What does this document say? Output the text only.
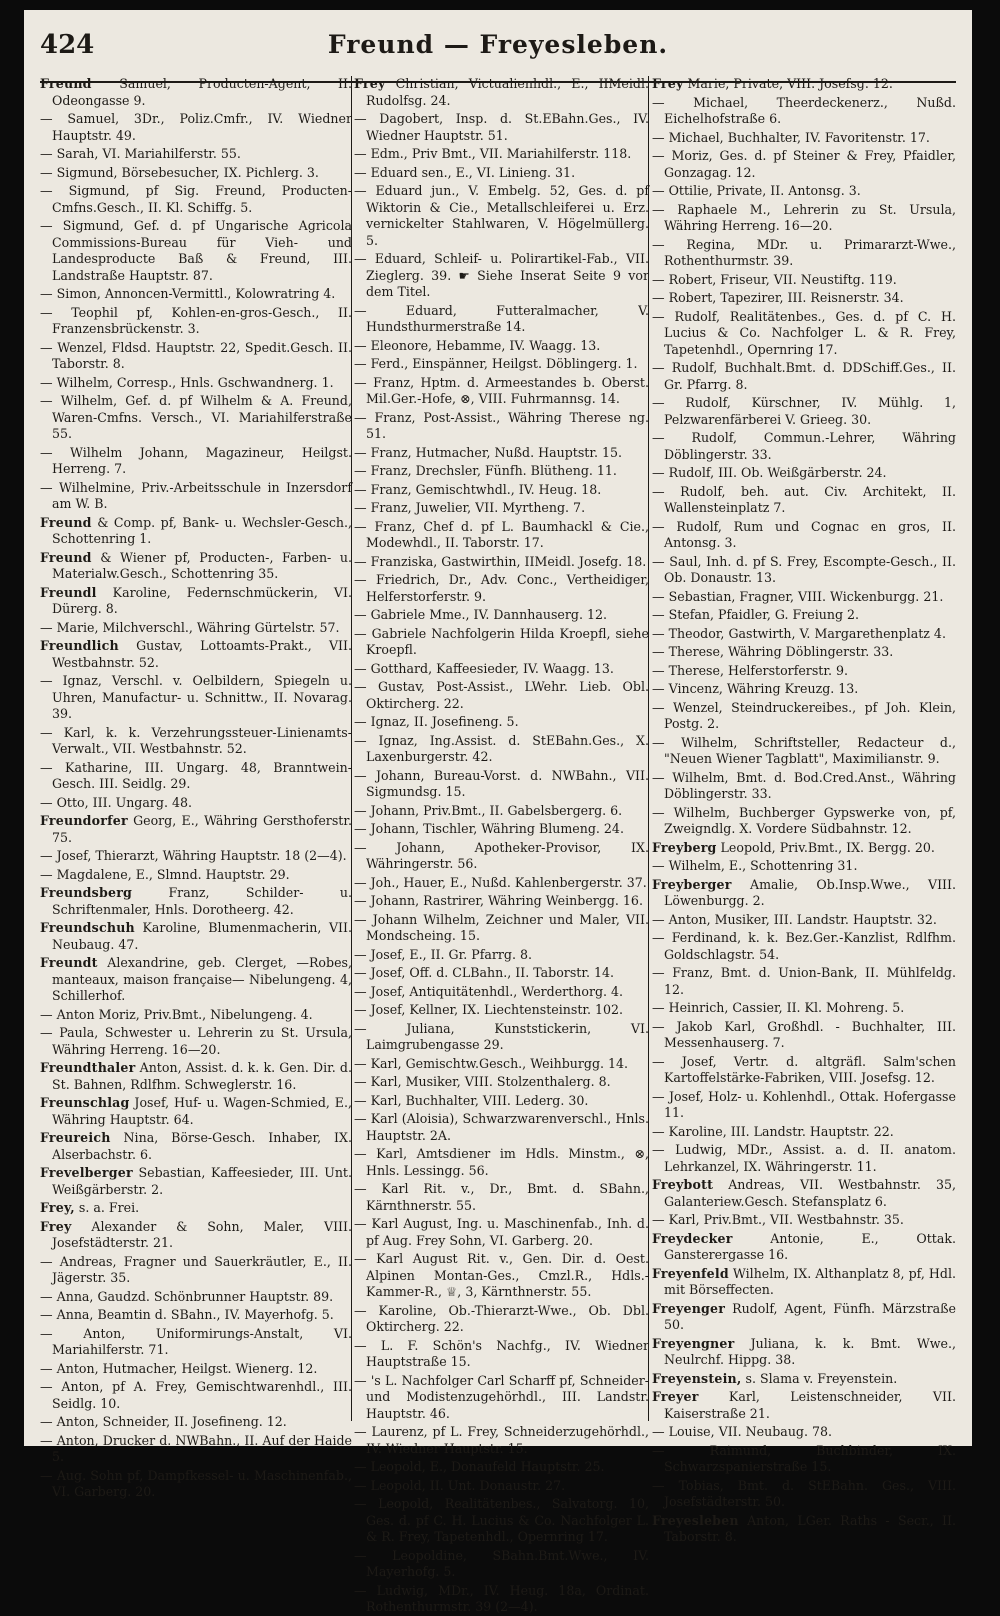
424	Freund — Freyesleben.

Freund Samuel, Producten-Agent, II. Odeongasse 9.

— Samuel, 3Dr., Poliz.Cmfr., IV. Wiedner Hauptstr. 49.

— Sarah, VI. Mariahilferstr. 55.

— Sigmund, Börsebesucher, IX. Pichlerg. 3.

— Sigmund, pf Sig. Freund, Producten-Cmfns.Gesch., II. Kl. Schiffg. 5.

— Sigmund, Gef. d. pf Ungarische Agricola Commissions-Bureau für Vieh- und Landesproducte Baß & Freund, III. Landstraße Hauptstr. 87.

— Simon, Annoncen-Vermittl., Kolowratring 4.

— Teophil pf, Kohlen-en-gros-Gesch., II. Franzensbrückenstr. 3.

— Wenzel, Fldsd. Hauptstr. 22, Spedit.Gesch. II. Taborstr. 8.

— Wilhelm, Corresp., Hnls. Gschwandnerg. 1.

— Wilhelm, Gef. d. pf Wilhelm & A. Freund, Waren-Cmfns. Versch., VI. Mariahilferstraße 55.

— Wilhelm Johann, Magazineur, Heilgst. Herreng. 7.

— Wilhelmine, Priv.-Arbeitsschule in Inzersdorf am W. B.

Freund & Comp. pf, Bank- u. Wechsler-Gesch., Schottenring 1.

Freund & Wiener pf, Producten-, Farben- u. Materialw.Gesch., Schottenring 35.

Freundl Karoline, Federnschmückerin, VI. Dürerg. 8.

— Marie, Milchverschl., Währing Gürtelstr. 57.

Freundlich Gustav, Lottoamts-Prakt., VII. Westbahnstr. 52.

— Ignaz, Verschl. v. Oelbildern, Spiegeln u. Uhren, Manufactur- u. Schnittw., II. Novarag. 39.

— Karl, k. k. Verzehrungssteuer-Linienamts-Verwalt., VII. Westbahnstr. 52.

— Katharine, III. Ungarg. 48, Branntwein-Gesch. III. Seidlg. 29.

— Otto, III. Ungarg. 48.

Freundorfer Georg, E., Währing Gersthoferstr. 75.

— Josef, Thierarzt, Währing Hauptstr. 18 (2—4).

— Magdalene, E., Slmnd. Hauptstr. 29.

Freundsberg Franz, Schilder- u. Schriftenmaler, Hnls. Dorotheerg. 42.

Freundschuh Karoline, Blumenmacherin, VII. Neubaug. 47.

Freundt Alexandrine, geb. Clerget, —Robes, manteaux, maison française— Nibelungeng. 4, Schillerhof.

— Anton Moriz, Priv.Bmt., Nibelungeng. 4.

— Paula, Schwester u. Lehrerin zu St. Ursula, Währing Herreng. 16—20.

Freundthaler Anton, Assist. d. k. k. Gen. Dir. d. St. Bahnen, Rdlfhm. Schweglerstr. 16.

Freunschlag Josef, Huf- u. Wagen-Schmied, E., Währing Hauptstr. 64.

Freureich Nina, Börse-Gesch. Inhaber, IX. Alserbachstr. 6.

Frevelberger Sebastian, Kaffeesieder, III. Unt. Weißgärberstr. 2.

Frey, s. a. Frei.

Frey Alexander & Sohn, Maler, VIII. Josefstädterstr. 21.

— Andreas, Fragner und Sauerkräutler, E., II. Jägerstr. 35.

— Anna, Gaudzd. Schönbrunner Hauptstr. 89.

— Anna, Beamtin d. SBahn., IV. Mayerhofg. 5.

— Anton, Uniformirungs-Anstalt, VI. Mariahilferstr. 71.

— Anton, Hutmacher, Heilgst. Wienerg. 12.

— Anton, pf A. Frey, Gemischtwarenhdl., III. Seidlg. 10.

— Anton, Schneider, II. Josefineng. 12.

— Anton, Drucker d. NWBahn., II. Auf der Haide 5.

— Aug. Sohn pf, Dampfkessel- u. Maschinenfab., VI. Garberg. 20.

Frey Christian, Victualienhdl., E., IIMeidl. Rudolfsg. 24.

— Dagobert, Insp. d. St.EBahn.Ges., IV. Wiedner Hauptstr. 51.

— Edm., Priv Bmt., VII. Mariahilferstr. 118.

— Eduard sen., E., VI. Linieng. 31.

— Eduard jun., V. Embelg. 52, Ges. d. pf Wiktorin & Cie., Metallschleiferei u. Erz. vernickelter Stahlwaren, V. Högelmüllerg. 5.

— Eduard, Schleif- u. Polirartikel-Fab., VII. Zieglerg. 39. ☛ Siehe Inserat Seite 9 vor dem Titel.

— Eduard, Futteralmacher, V. Hundsthurmerstraße 14.

— Eleonore, Hebamme, IV. Waagg. 13.

— Ferd., Einspänner, Heilgst. Döblingerg. 1.

— Franz, Hptm. d. Armeestandes b. Oberst. Mil.Ger.-Hofe, ⊗, VIII. Fuhrmannsg. 14.

— Franz, Post-Assist., Währing Therese ng. 51.

— Franz, Hutmacher, Nußd. Hauptstr. 15.

— Franz, Drechsler, Fünfh. Blütheng. 11.

— Franz, Gemischtwhdl., IV. Heug. 18.

— Franz, Juwelier, VII. Myrtheng. 7.

— Franz, Chef d. pf L. Baumhackl & Cie., Modewhdl., II. Taborstr. 17.

— Franziska, Gastwirthin, IIMeidl. Josefg. 18.

— Friedrich, Dr., Adv. Conc., Vertheidiger, Helferstorferstr. 9.

— Gabriele Mme., IV. Dannhauserg. 12.

— Gabriele Nachfolgerin Hilda Kroepfl, siehe Kroepfl.

— Gotthard, Kaffeesieder, IV. Waagg. 13.

— Gustav, Post-Assist., LWehr. Lieb. Obl. Oktircherg. 22.

— Ignaz, II. Josefineng. 5.

— Ignaz, Ing.Assist. d. StEBahn.Ges., X. Laxenburgerstr. 42.

— Johann, Bureau-Vorst. d. NWBahn., VII. Sigmundsg. 15.

— Johann, Priv.Bmt., II. Gabelsbergerg. 6.

— Johann, Tischler, Währing Blumeng. 24.

— Johann, Apotheker-Provisor, IX. Währingerstr. 56.

— Joh., Hauer, E., Nußd. Kahlenbergerstr. 37.

— Johann, Rastrirer, Währing Weinbergg. 16.

— Johann Wilhelm, Zeichner und Maler, VII. Mondscheing. 15.

— Josef, E., II. Gr. Pfarrg. 8.

— Josef, Off. d. CLBahn., II. Taborstr. 14.

— Josef, Antiquitätenhdl., Werderthorg. 4.

— Josef, Kellner, IX. Liechtensteinstr. 102.

— Juliana, Kunststickerin, VI. Laimgrubengasse 29.

— Karl, Gemischtw.Gesch., Weihburgg. 14.

— Karl, Musiker, VIII. Stolzenthalerg. 8.

— Karl, Buchhalter, VIII. Lederg. 30.

— Karl (Aloisia), Schwarzwarenverschl., Hnls. Hauptstr. 2A.

— Karl, Amtsdiener im Hdls. Minstm., ⊗, Hnls. Lessingg. 56.

— Karl Rit. v., Dr., Bmt. d. SBahn., Kärnthnerstr. 55.

— Karl August, Ing. u. Maschinenfab., Inh. d. pf Aug. Frey Sohn, VI. Garberg. 20.

— Karl August Rit. v., Gen. Dir. d. Oest. Alpinen Montan-Ges., Cmzl.R., Hdls.-Kammer-R., ♕, 3, Kärnthnerstr. 55.

— Karoline, Ob.-Thierarzt-Wwe., Ob. Dbl. Oktircherg. 22.

— L. F. Schön's Nachfg., IV. Wiedner Hauptstraße 15.

— 's L. Nachfolger Carl Scharff pf, Schneider- und Modistenzugehörhdl., III. Landstr. Hauptstr. 46.

— Laurenz, pf L. Frey, Schneiderzugehörhdl., IV. Wiedner Hauptstr. 15.

— Leopold, E., Donaufeld Hauptstr. 25.

— Leopold, II. Unt. Donaustr. 27.

— Leopold, Realitätenbes., Salvatorg. 10, Ges. d. pf C. H. Lucius & Co. Nachfolger L. & R. Frey, Tapetenhdl., Opernring 17.

— Leopoldine, SBahn.Bmt.Wwe., IV. Mayerhofg. 5.

— Ludwig, MDr., IV. Heug. 18a, Ordinat. Rothenthurmstr. 39 (2—4).

Frey Marie, Private, VIII. Josefsg. 12.

— Michael, Theerdeckenerz., Nußd. Eichelhofstraße 6.

— Michael, Buchhalter, IV. Favoritenstr. 17.

— Moriz, Ges. d. pf Steiner & Frey, Pfaidler, Gonzagag. 12.

— Ottilie, Private, II. Antonsg. 3.

— Raphaele M., Lehrerin zu St. Ursula, Währing Herreng. 16—20.

— Regina, MDr. u. Primararzt-Wwe., Rothenthurmstr. 39.

— Robert, Friseur, VII. Neustiftg. 119.

— Robert, Tapezirer, III. Reisnerstr. 34.

— Rudolf, Realitätenbes., Ges. d. pf C. H. Lucius & Co. Nachfolger L. & R. Frey, Tapetenhdl., Opernring 17.

— Rudolf, Buchhalt.Bmt. d. DDSchiff.Ges., II. Gr. Pfarrg. 8.

— Rudolf, Kürschner, IV. Mühlg. 1, Pelzwarenfärberei V. Grieeg. 30.

— Rudolf, Commun.-Lehrer, Währing Döblingerstr. 33.

— Rudolf, III. Ob. Weißgärberstr. 24.

— Rudolf, beh. aut. Civ. Architekt, II. Wallensteinplatz 7.

— Rudolf, Rum und Cognac en gros, II. Antonsg. 3.

— Saul, Inh. d. pf S. Frey, Escompte-Gesch., II. Ob. Donaustr. 13.

— Sebastian, Fragner, VIII. Wickenburgg. 21.

— Stefan, Pfaidler, G. Freiung 2.

— Theodor, Gastwirth, V. Margarethenplatz 4.

— Therese, Währing Döblingerstr. 33.

— Therese, Helferstorferstr. 9.

— Vincenz, Währing Kreuzg. 13.

— Wenzel, Steindruckereibes., pf Joh. Klein, Postg. 2.

— Wilhelm, Schriftsteller, Redacteur d., "Neuen Wiener Tagblatt", Maximilianstr. 9.

— Wilhelm, Bmt. d. Bod.Cred.Anst., Währing Döblingerstr. 33.

— Wilhelm, Buchberger Gypswerke von, pf, Zweigndlg. X. Vordere Südbahnstr. 12.

Freyberg Leopold, Priv.Bmt., IX. Bergg. 20.

— Wilhelm, E., Schottenring 31.

Freyberger Amalie, Ob.Insp.Wwe., VIII. Löwenburgg. 2.

— Anton, Musiker, III. Landstr. Hauptstr. 32.

— Ferdinand, k. k. Bez.Ger.-Kanzlist, Rdlfhm. Goldschlagstr. 54.

— Franz, Bmt. d. Union-Bank, II. Mühlfeldg. 12.

— Heinrich, Cassier, II. Kl. Mohreng. 5.

— Jakob Karl, Großhdl. - Buchhalter, III. Messenhauserg. 7.

— Josef, Vertr. d. altgräfl. Salm'schen Kartoffelstärke-Fabriken, VIII. Josefsg. 12.

— Josef, Holz- u. Kohlenhdl., Ottak. Hofergasse 11.

— Karoline, III. Landstr. Hauptstr. 22.

— Ludwig, MDr., Assist. a. d. II. anatom. Lehrkanzel, IX. Währingerstr. 11.

Freybott Andreas, VII. Westbahnstr. 35, Galanteriew.Gesch. Stefansplatz 6.

— Karl, Priv.Bmt., VII. Westbahnstr. 35.

Freydecker Antonie, E., Ottak. Gansterergasse 16.

Freyenfeld Wilhelm, IX. Althanplatz 8, pf, Hdl. mit Börseffecten.

Freyenger Rudolf, Agent, Fünfh. Märzstraße 50.

Freyengner Juliana, k. k. Bmt. Wwe., Neulrchf. Hippg. 38.

Freyenstein, s. Slama v. Freyenstein.

Freyer Karl, Leistenschneider, VII. Kaiserstraße 21.

— Louise, VII. Neubaug. 78.

— Raimund, Buchbinder, IX. Schwarzspanierstraße 15.

— Tobias, Bmt. d. StEBahn. Ges., VIII. Josefstädterstr. 50.

Freyesleben Anton, LGer. Raths - Secr., II. Taborstr. 8.
